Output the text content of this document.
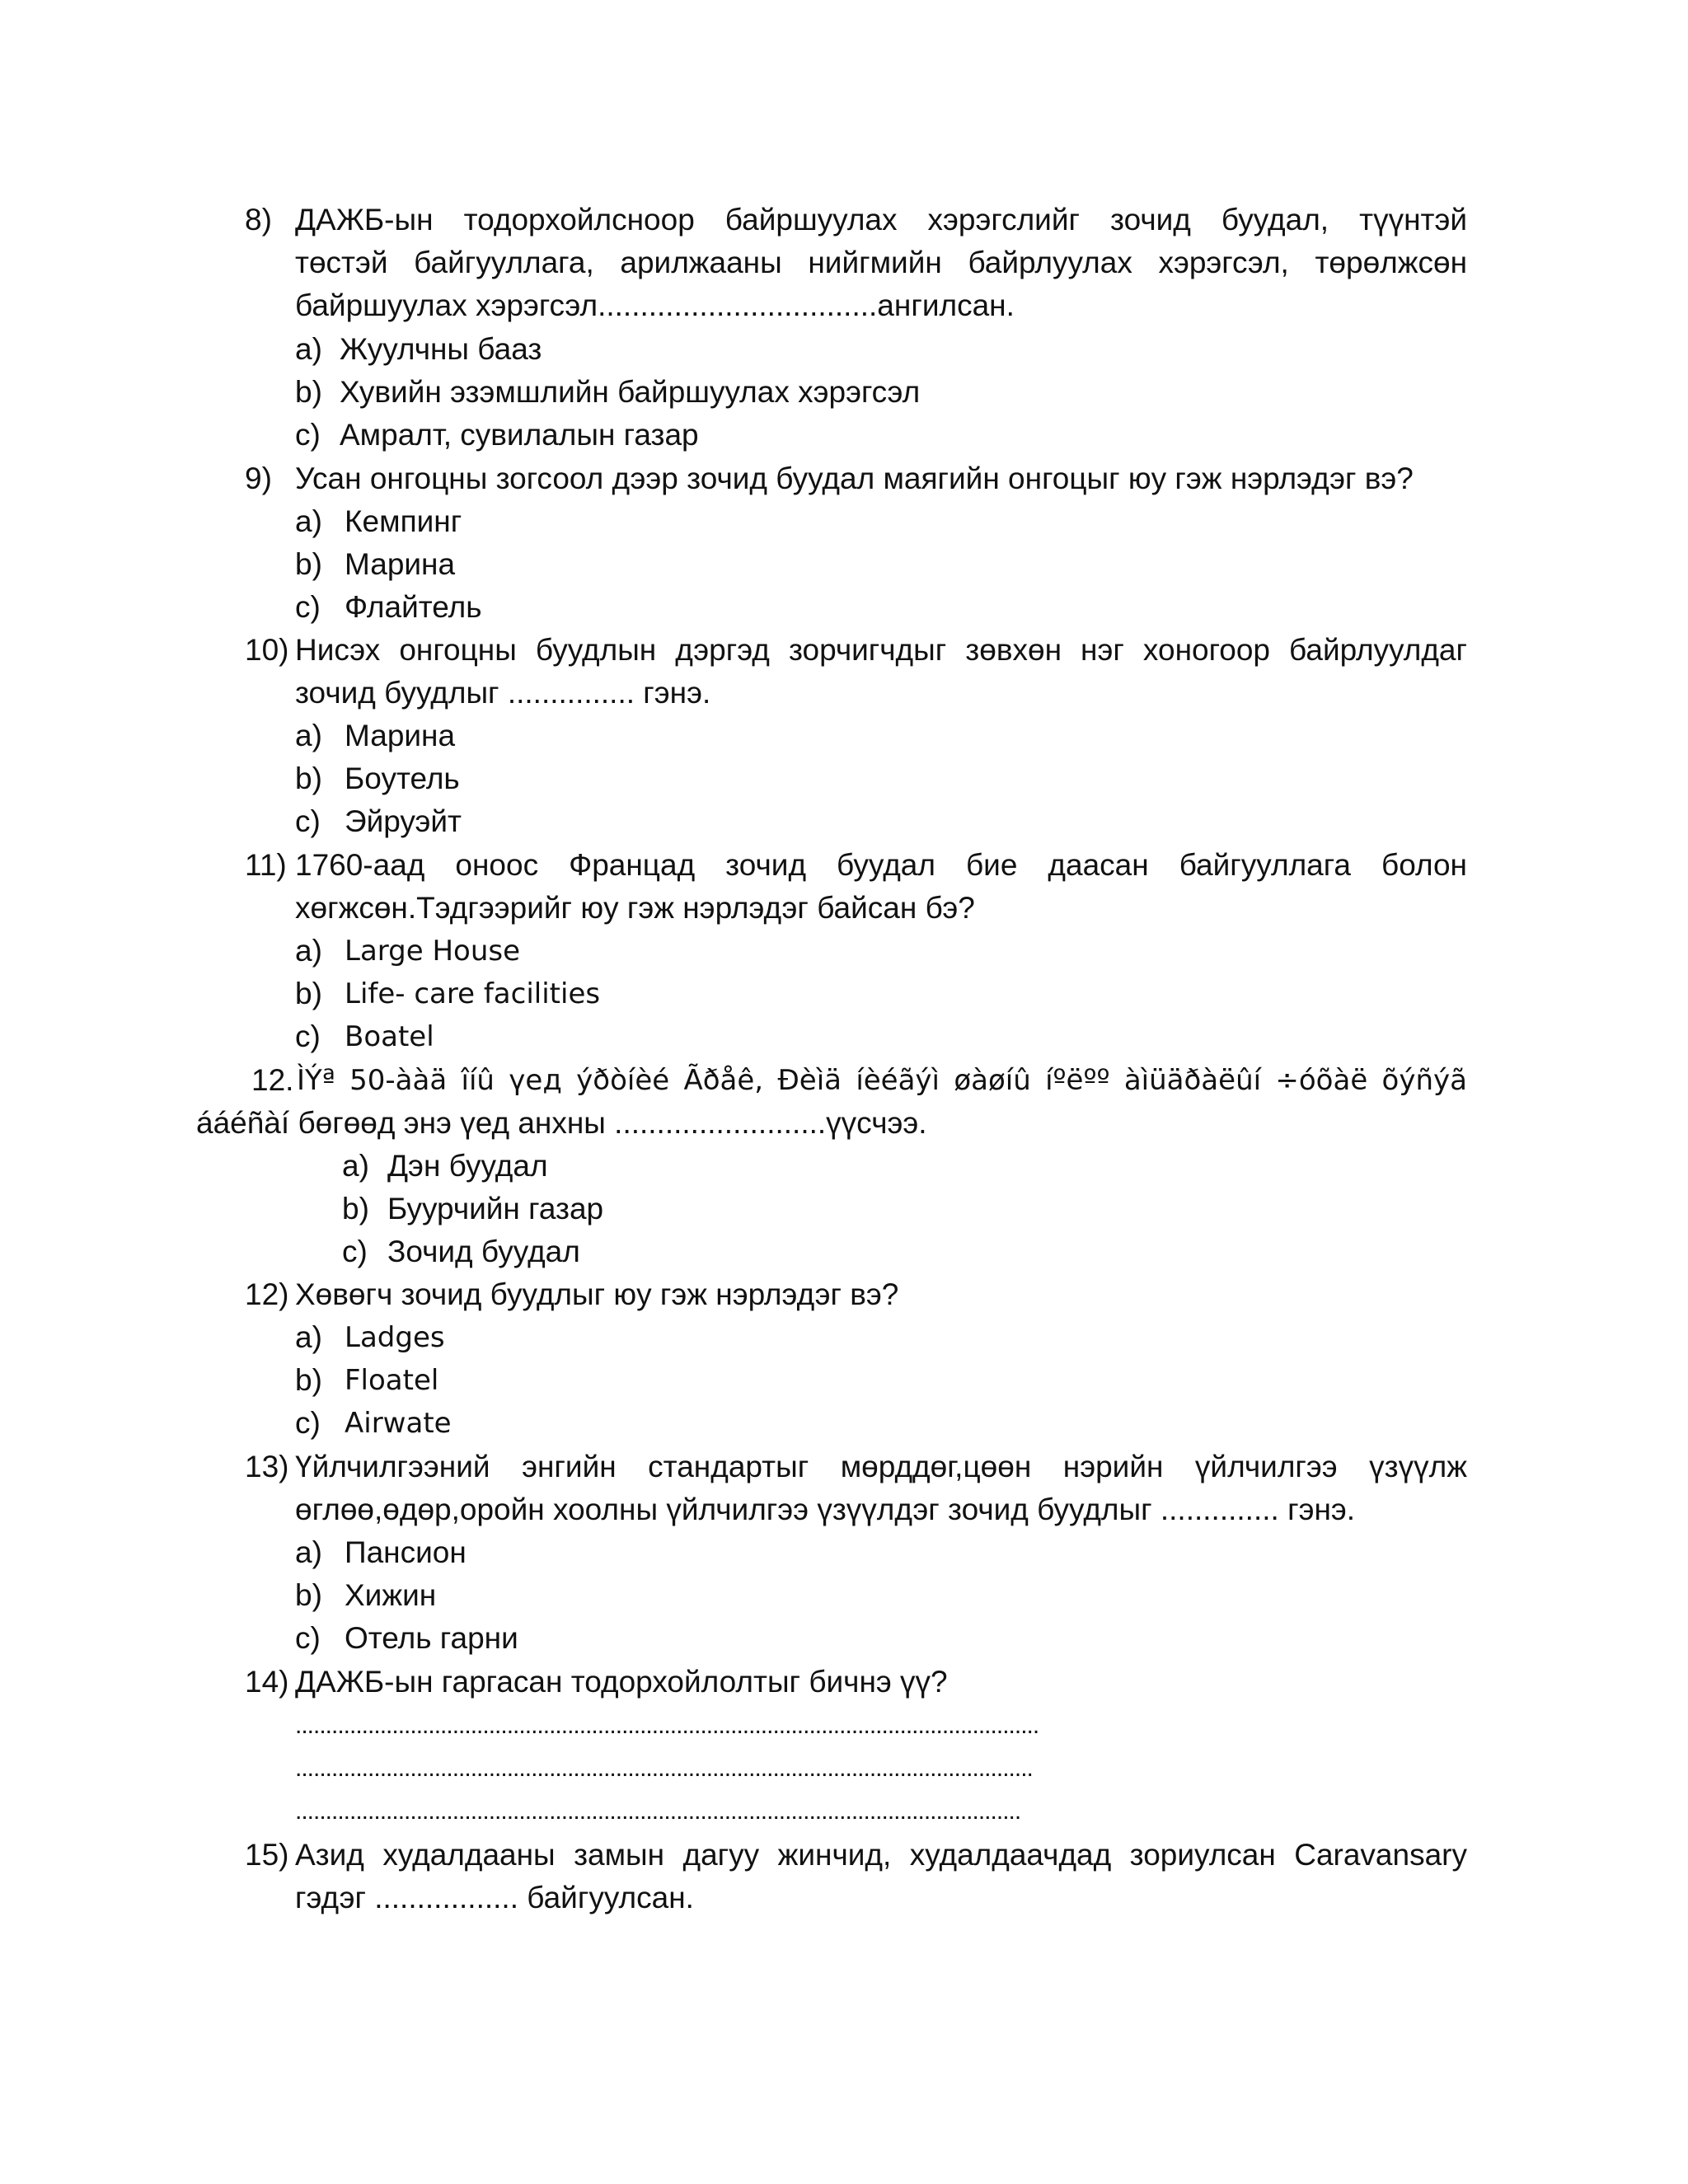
8) ДАЖБ-ын тодорхойлсноор байршуулах хэрэгслийг зочид буудал, түүнтэй
төстэй байгууллага, арилжааны нийгмийн байрлуулах хэрэгсэл, төрөлжсөн
байршуулах хэрэгсэл.................................ангилсан.
a) Жуулчны бааз
b) Хувийн эзэмшлийн байршуулах хэрэгсэл
c) Амралт, сувилалын газар
9) Усан онгоцны зогсоол дээр зочид буудал маягийн онгоцыг юу гэж нэрлэдэг вэ?
a) Кемпинг
b) Марина
c) Флайтель
10) Нисэх онгоцны буудлын дэргэд зорчигчдыг зөвхөн нэг хоногоор байрлуулдаг
зочид буудлыг ............... гэнэ.
a) Марина
b) Боутель
c) Эйруэйт
11) 1760-аад оноос Францад зочид буудал бие даасан байгууллага болон
хөгжсөн.Тэдгээрийг юу гэж нэрлэдэг байсан бэ?
a) Large House
b) Life- care facilities
c) Boatel
12. ÌÝª 50-ààä îíû үед ýðòíèé Ãðåê, Ðèìä íèéãýì øàøíû íºëºº àìüäðàëûí ÷óõàë õýñýã
ááéñàí бөгөөд энэ үед анхны .........................үүсчээ.
a) Дэн буудал
b) Буурчийн газар
c) Зочид буудал
12) Хөвөгч зочид буудлыг юу гэж нэрлэдэг вэ?
a) Ladges
b) Floatel
c) Airwate
13) Үйлчилгээний энгийн стандартыг мөрддөг,цөөн нэрийн үйлчилгээ үзүүлж
өглөө,өдөр,оройн хоолны үйлчилгээ үзүүлдэг зочид буудлыг .............. гэнэ.
a) Пансион
b) Хижин
c) Отель гарни
14) ДАЖБ-ын гаргасан тодорхойлолтыг бичнэ үү?
...........................................................................................................................
..........................................................................................................................
........................................................................................................................
15) Азид худалдааны замын дагуу жинчид, худалдаачдад зориулсан Caravansary
гэдэг ................. байгуулсан.
